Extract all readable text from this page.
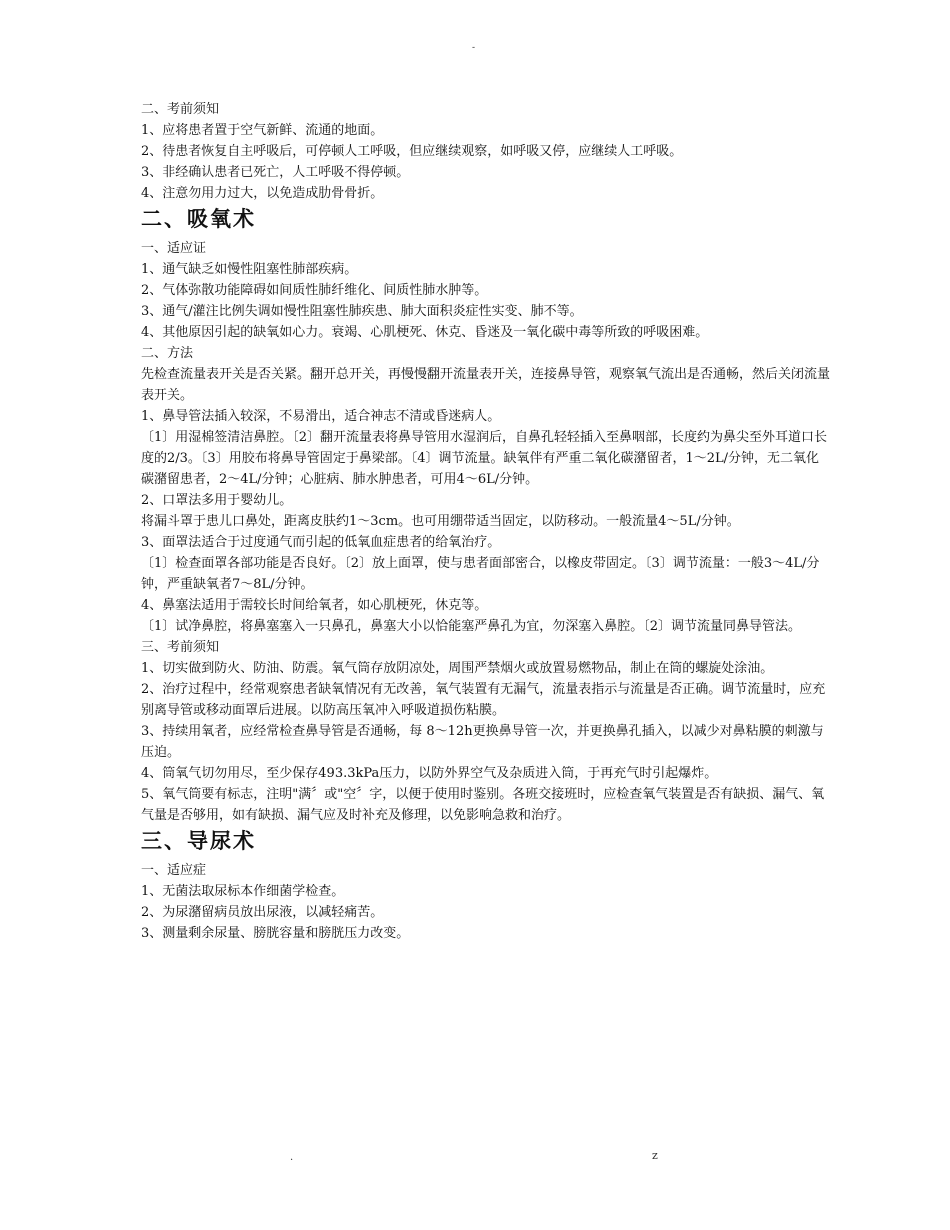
-
二、考前须知
1、应将患者置于空气新鲜、流通的地面。
2、待患者恢复自主呼吸后，可停顿人工呼吸，但应继续观察，如呼吸又停，应继续人工呼吸。
3、非经确认患者已死亡，人工呼吸不得停顿。
4、注意勿用力过大，以免造成肋骨骨折。
二、吸氧术
一、适应证
1、通气缺乏如慢性阻塞性肺部疾病。
2、气体弥散功能障碍如间质性肺纤维化、间质性肺水肿等。
3、通气/灌注比例失调如慢性阻塞性肺疾患、肺大面积炎症性实变、肺不等。
4、其他原因引起的缺氧如心力。衰竭、心肌梗死、休克、昏迷及一氧化碳中毒等所致的呼吸困难。
二、方法
先检查流量表开关是否关紧。翻开总开关，再慢慢翻开流量表开关，连接鼻导管，观察氧气流出是否通畅，然后关闭流量表开关。
1、鼻导管法插入较深，不易滑出，适合神志不清或昏迷病人。
〔1〕用湿棉签清洁鼻腔。〔2〕翻开流量表将鼻导管用水湿润后，自鼻孔轻轻插入至鼻咽部，长度约为鼻尖至外耳道口长度的2/3。〔3〕用胶布将鼻导管固定于鼻梁部。〔4〕调节流量。缺氧伴有严重二氧化碳潴留者，1～2L/分钟，无二氧化碳潴留患者，2～4L/分钟；心脏病、肺水肿患者，可用4～6L/分钟。
2、口罩法多用于婴幼儿。
将漏斗罩于患儿口鼻处，距离皮肤约1～3cm。也可用绷带适当固定，以防移动。一般流量4～5L/分钟。
3、面罩法适合于过度通气而引起的低氧血症患者的给氧治疗。
〔1〕检查面罩各部功能是否良好。〔2〕放上面罩，使与患者面部密合，以橡皮带固定。〔3〕调节流量：一般3～4L/分钟，严重缺氧者7～8L/分钟。
4、鼻塞法适用于需较长时间给氧者，如心肌梗死，休克等。
〔1〕试净鼻腔，将鼻塞塞入一只鼻孔，鼻塞大小以恰能塞严鼻孔为宜，勿深塞入鼻腔。〔2〕调节流量同鼻导管法。
三、考前须知
1、切实做到防火、防油、防震。氧气筒存放阴凉处，周围严禁烟火或放置易燃物品，制止在筒的螺旋处涂油。
2、治疗过程中，经常观察患者缺氧情况有无改善，氧气装置有无漏气，流量表指示与流量是否正确。调节流量时，应充别离导管或移动面罩后进展。以防高压氧冲入呼吸道损伤粘膜。
3、持续用氧者，应经常检查鼻导管是否通畅，每 8～12h更换鼻导管一次，并更换鼻孔插入，以减少对鼻粘膜的刺激与压迫。
4、筒氧气切勿用尽，至少保存493.3kPa压力，以防外界空气及杂质进入筒，于再充气时引起爆炸。
5、氧气筒要有标志，注明"满〞或"空〞字，以便于使用时鉴别。各班交接班时，应检查氧气装置是否有缺损、漏气、氧气量是否够用，如有缺损、漏气应及时补充及修理，以免影响急救和治疗。
三、导尿术
一、适应症
1、无菌法取尿标本作细菌学检查。
2、为尿潴留病员放出尿液，以减轻痛苦。
3、测量剩余尿量、膀胱容量和膀胱压力改变。
.	z
